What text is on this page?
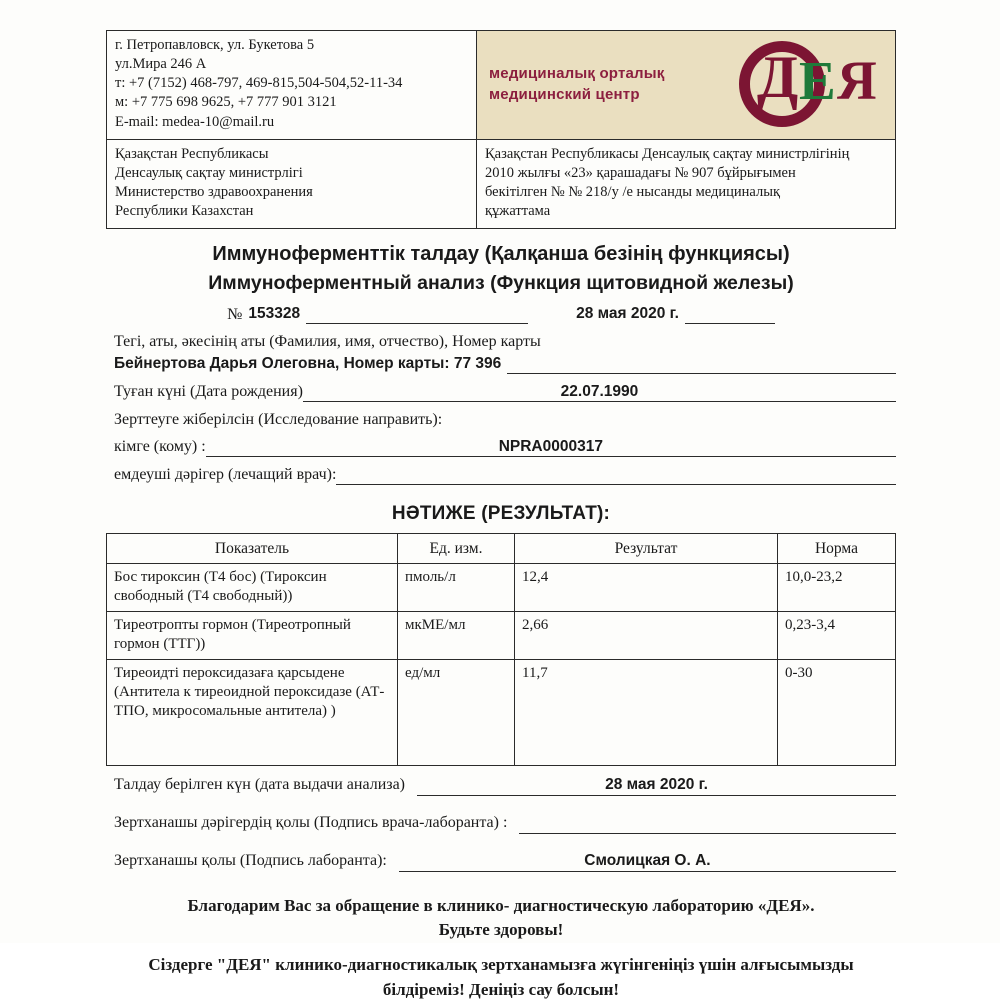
г. Петропавловск, ул. Букетова 5
ул.Мира 246 А
т: +7 (7152) 468-797, 469-815,504-504,52-11-34
м: +7 775 698 9625, +7 777 901 3121
E-mail: medea-10@mail.ru

медициналық орталық
медицинский центр	Д Е Я

Қазақстан Республикасы
Денсаулық сақтау министрлігі
Министерство здравоохранения
Республики Казахстан

Қазақстан Республикасы Денсаулық сақтау министрлігінің
2010 жылғы «23» қарашадағы № 907 бұйрығымен
бекітілген № № 218/у /е нысанды медициналық
құжаттама
Иммуноферменттік талдау (Қалқанша безінің функциясы)
Иммуноферментный анализ (Функция щитовидной железы)
№ 153328	28 мая 2020 г.
Тегі, аты, әкесінің аты (Фамилия, имя, отчество), Номер карты
Бейнертова Дарья Олеговна, Номер карты: 77 396
Туған күні (Дата рождения)	22.07.1990
Зерттеуге жіберілсін (Исследование направить):
кімге (кому) :	NPRA0000317
емдеуші дәрігер (лечащий врач):

НӘТИЖЕ (РЕЗУЛЬТАТ):
Показатель	Ед. изм.	Результат	Норма
Бос тироксин (Т4 бос) (Тироксин свободный (Т4 свободный))	пмоль/л	12,4	10,0-23,2
Тиреотропты гормон (Тиреотропный гормон (ТТГ))	мкМЕ/мл	2,66	0,23-3,4
Тиреоидті пероксидазаға қарсыдене (Антитела к тиреоидной пероксидазе (АТ-ТПО, микросомальные антитела) )	ед/мл	11,7	0-30
Талдау берілген күн (дата выдачи анализа)	28 мая 2020 г.
Зертханашы дәрігердің қолы (Подпись врача-лаборанта) :

Зертханашы қолы (Подпись лаборанта):	Смолицкая О. А.
Благодарим Вас за обращение в клинико- диагностическую лабораторию «ДЕЯ».
Будьте здоровы!
Сіздерге "ДЕЯ" клинико-диагностикалық зертханамызға жүгінгеніңіз үшін алғысымызды
білдіреміз! Деніңіз сау болсын!
